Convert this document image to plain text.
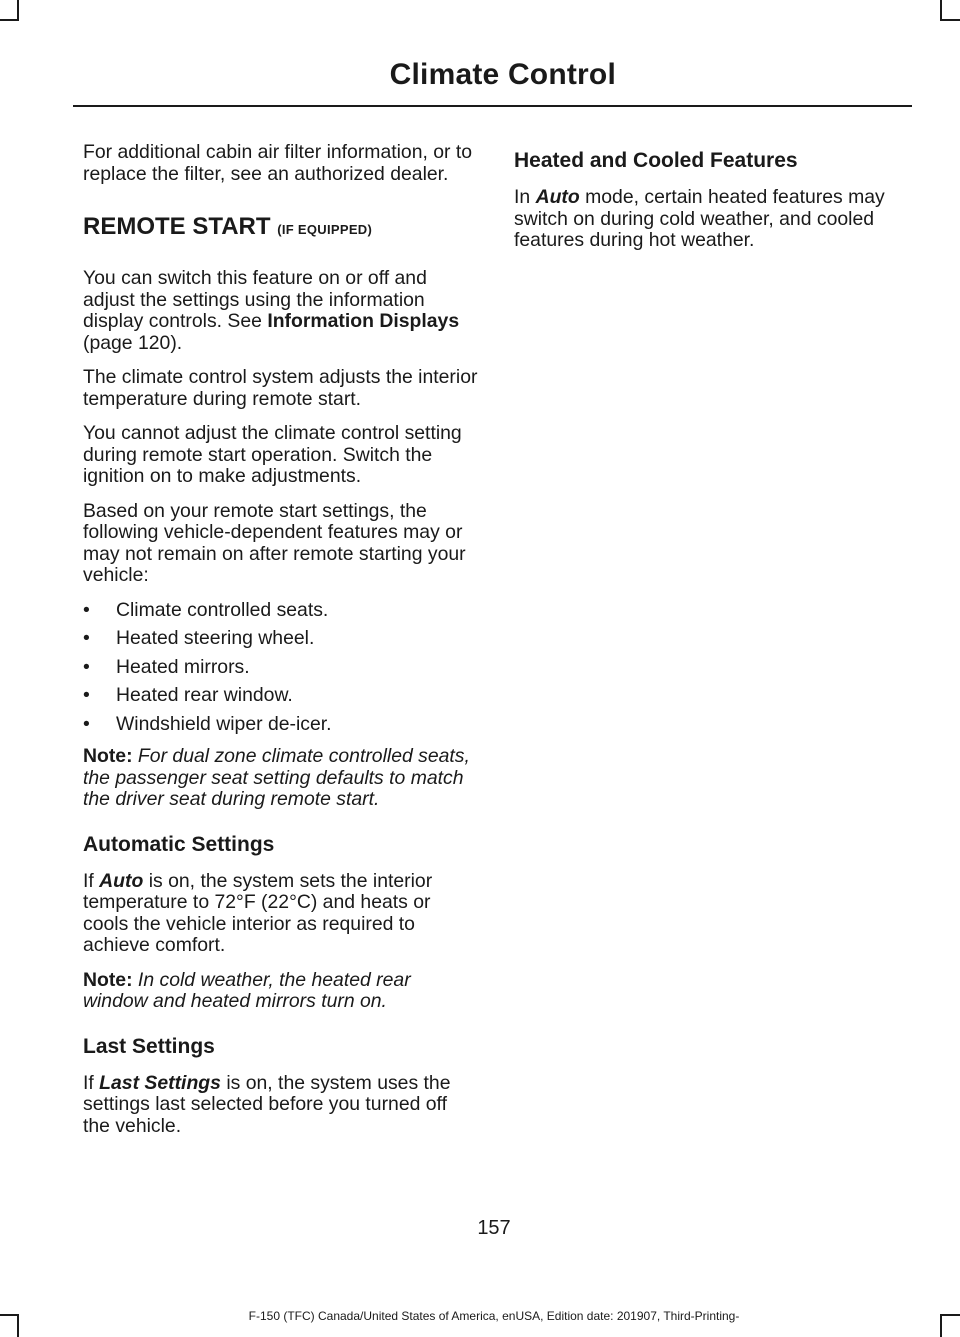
Climate Control

For additional cabin air filter information, or to replace the filter, see an authorized dealer.

REMOTE START (IF EQUIPPED)

You can switch this feature on or off and adjust the settings using the information display controls. See Information Displays (page 120).

The climate control system adjusts the interior temperature during remote start.

You cannot adjust the climate control setting during remote start operation. Switch the ignition on to make adjustments.

Based on your remote start settings, the following vehicle-dependent features may or may not remain on after remote starting your vehicle:

• Climate controlled seats.
• Heated steering wheel.
• Heated mirrors.
• Heated rear window.
• Windshield wiper de-icer.

Note: For dual zone climate controlled seats, the passenger seat setting defaults to match the driver seat during remote start.

Automatic Settings

If Auto is on, the system sets the interior temperature to 72°F (22°C) and heats or cools the vehicle interior as required to achieve comfort.

Note: In cold weather, the heated rear window and heated mirrors turn on.

Last Settings

If Last Settings is on, the system uses the settings last selected before you turned off the vehicle.

Heated and Cooled Features

In Auto mode, certain heated features may switch on during cold weather, and cooled features during hot weather.

157
F-150 (TFC) Canada/United States of America, enUSA, Edition date: 201907, Third-Printing-
